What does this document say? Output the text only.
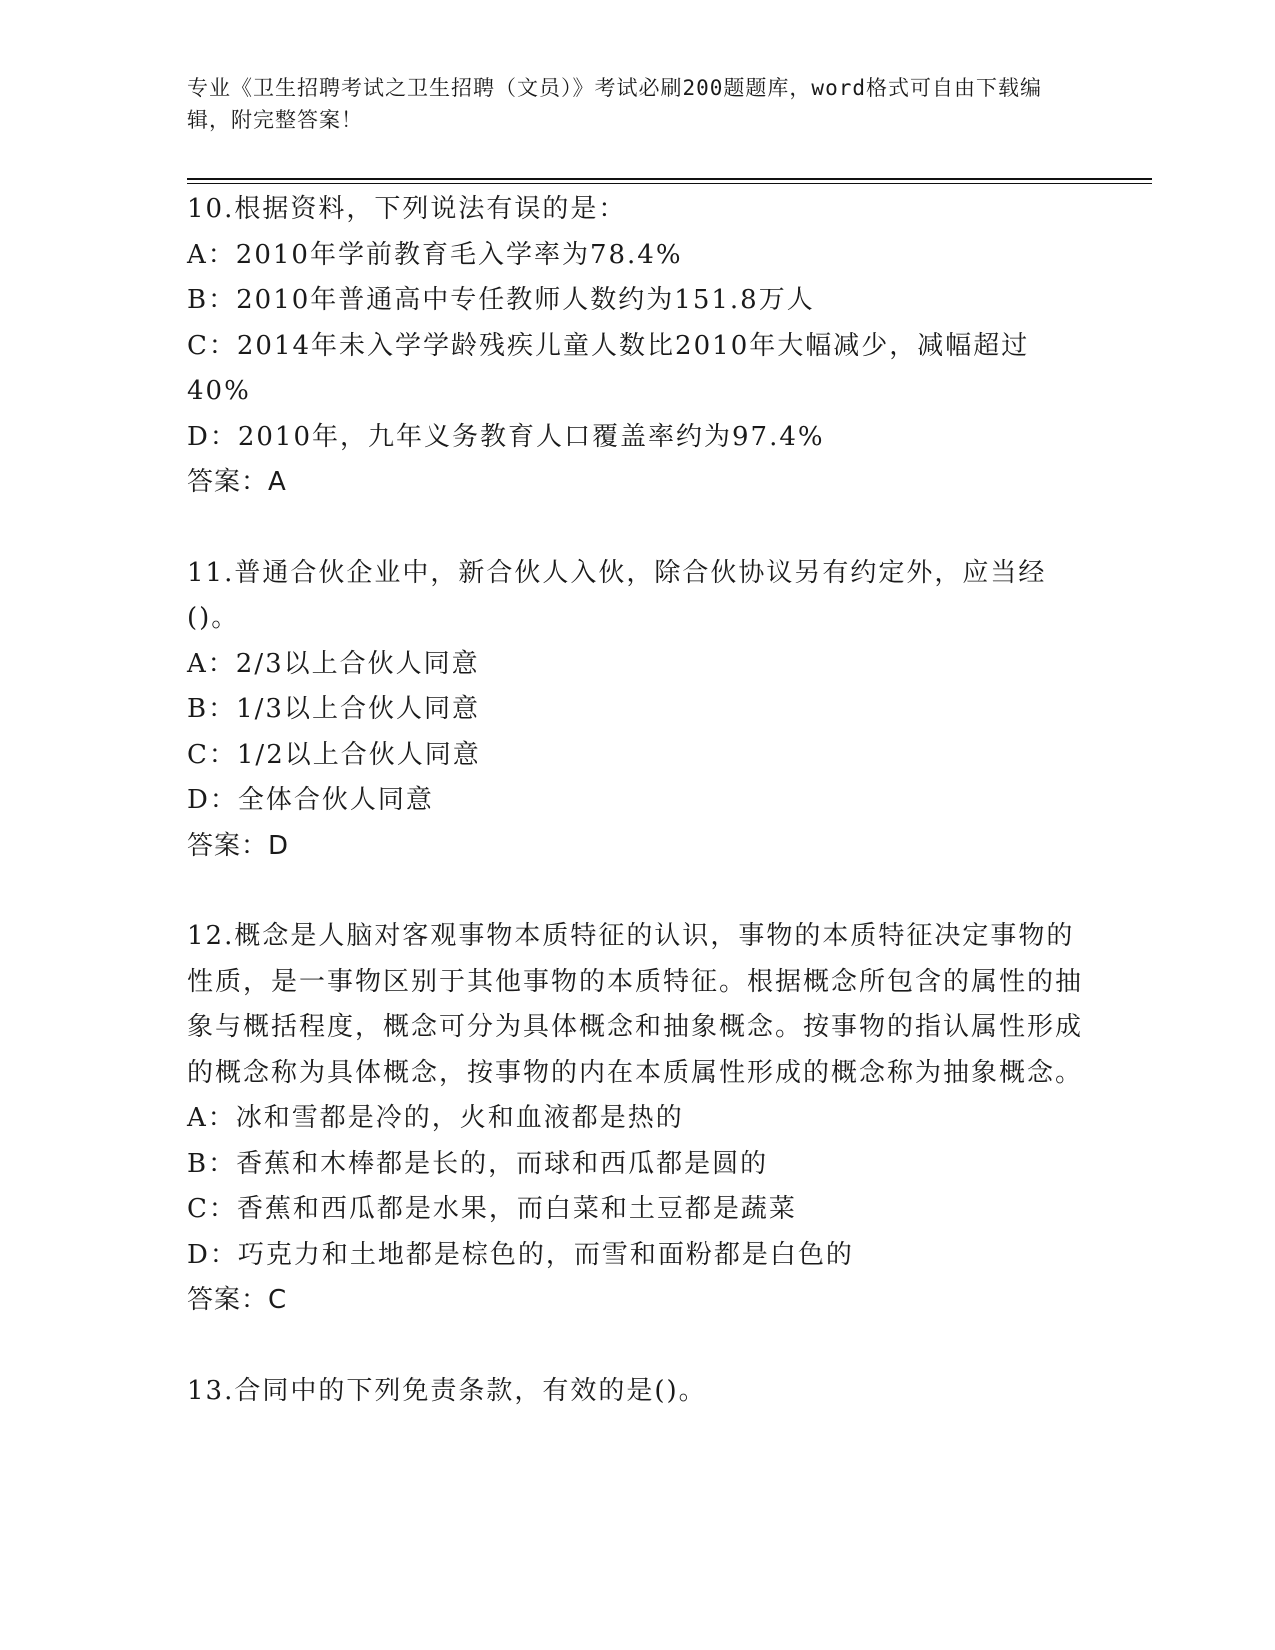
专业《卫生招聘考试之卫生招聘（文员）》考试必刷200题题库，word格式可自由下载编辑，附完整答案！

10.根据资料，下列说法有误的是：

A：2010年学前教育毛入学率为78.4%

B：2010年普通高中专任教师人数约为151.8万人

C：2014年未入学学龄残疾儿童人数比2010年大幅减少，减幅超过40%

D：2010年，九年义务教育人口覆盖率约为97.4%

答案：A

11.普通合伙企业中，新合伙人入伙，除合伙协议另有约定外，应当经()。

A：2/3以上合伙人同意

B：1/3以上合伙人同意

C：1/2以上合伙人同意

D：全体合伙人同意

答案：D

12.概念是人脑对客观事物本质特征的认识，事物的本质特征决定事物的性质，是一事物区别于其他事物的本质特征。根据概念所包含的属性的抽象与概括程度，概念可分为具体概念和抽象概念。按事物的指认属性形成的概念称为具体概念，按事物的内在本质属性形成的概念称为抽象概念。

A：冰和雪都是冷的，火和血液都是热的

B：香蕉和木棒都是长的，而球和西瓜都是圆的

C：香蕉和西瓜都是水果，而白菜和土豆都是蔬菜

D：巧克力和土地都是棕色的，而雪和面粉都是白色的

答案：C

13.合同中的下列免责条款，有效的是()。
